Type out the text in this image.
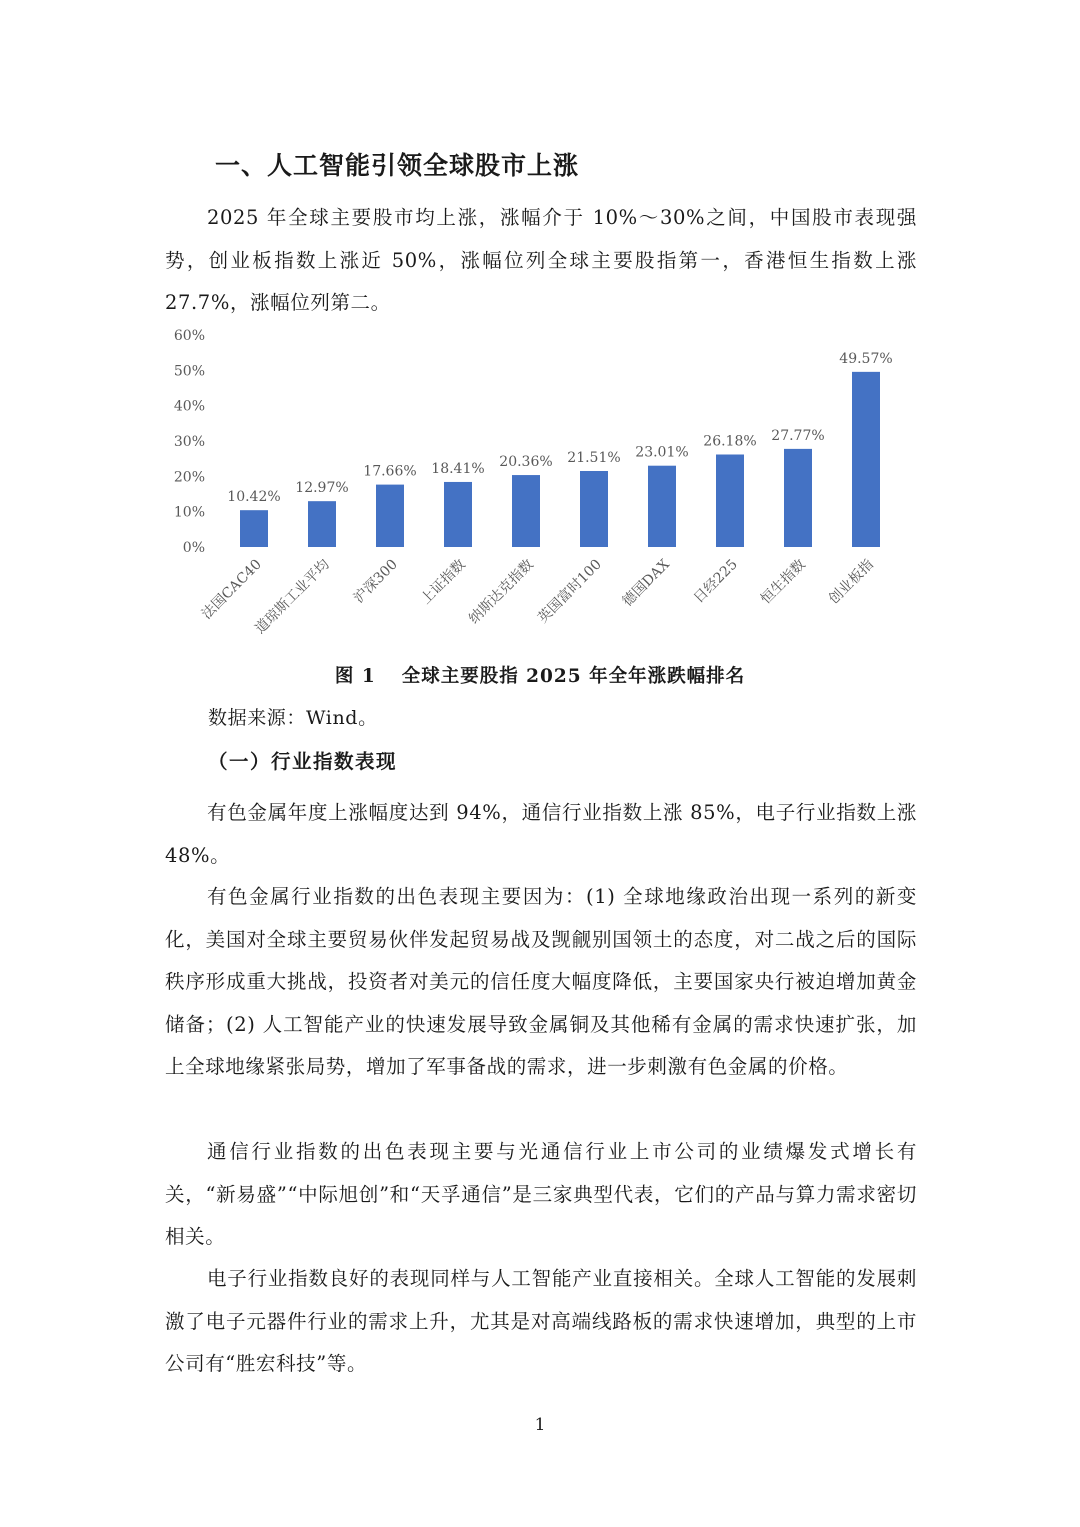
一、人工智能引领全球股市上涨

2025 年全球主要股市均上涨，涨幅介于 10%～30%之间，中国股市表现强势，创业板指数上涨近 50%，涨幅位列全球主要股指第一，香港恒生指数上涨 27.7%，涨幅位列第二。

0%
10%
20%
30%
40%
50%
60%
10.42%
法国CAC40
12.97%
道琼斯工业平均
17.66%
沪深300
18.41%
上证指数
20.36%
纳斯达克指数
21.51%
英国富时100
23.01%
德国DAX
26.18%
日经225
27.77%
恒生指数
49.57%
创业板指

图 1 全球主要股指 2025 年全年涨跌幅排名

数据来源：Wind。

（一）行业指数表现

有色金属年度上涨幅度达到 94%，通信行业指数上涨 85%，电子行业指数上涨 48%。

有色金属行业指数的出色表现主要因为：(1) 全球地缘政治出现一系列的新变化，美国对全球主要贸易伙伴发起贸易战及觊觎别国领土的态度，对二战之后的国际秩序形成重大挑战，投资者对美元的信任度大幅度降低，主要国家央行被迫增加黄金储备；(2) 人工智能产业的快速发展导致金属铜及其他稀有金属的需求快速扩张，加上全球地缘紧张局势，增加了军事备战的需求，进一步刺激有色金属的价格。

通信行业指数的出色表现主要与光通信行业上市公司的业绩爆发式增长有关，“新易盛”“中际旭创”和“天孚通信”是三家典型代表，它们的产品与算力需求密切相关。

电子行业指数良好的表现同样与人工智能产业直接相关。全球人工智能的发展刺激了电子元器件行业的需求上升，尤其是对高端线路板的需求快速增加，典型的上市公司有“胜宏科技”等。

1
